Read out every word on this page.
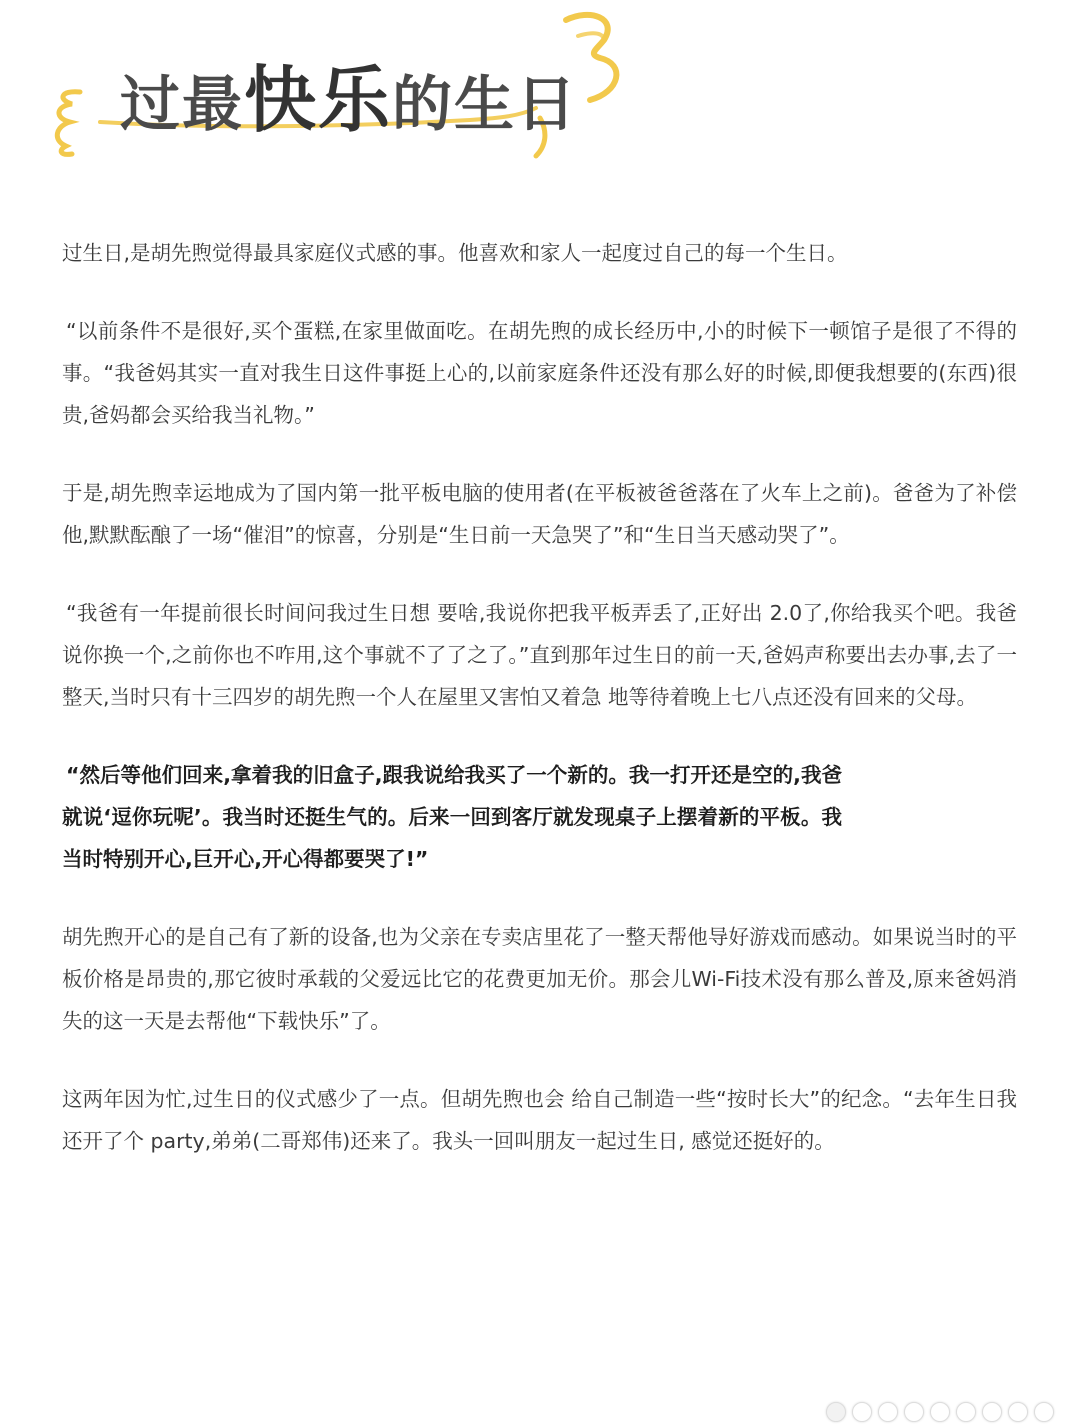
过最快乐的生日

过生日,是胡先煦觉得最具家庭仪式感的事。他喜欢和家人一起度过自己的每一个生日。

“以前条件不是很好,买个蛋糕,在家里做面吃。在胡先煦的成长经历中,小的时候下一顿馆子是很了不得的事。“我爸妈其实一直对我生日这件事挺上心的,以前家庭条件还没有那么好的时候,即便我想要的(东西)很贵,爸妈都会买给我当礼物。”

于是,胡先煦幸运地成为了国内第一批平板电脑的使用者(在平板被爸爸落在了火车上之前)。爸爸为了补偿他,默默酝酿了一场“催泪”的惊喜，分别是“生日前一天急哭了”和“生日当天感动哭了”。

“我爸有一年提前很长时间问我过生日想 要啥,我说你把我平板弄丢了,正好出 2.0了,你给我买个吧。我爸说你换一个,之前你也不咋用,这个事就不了了之了。”直到那年过生日的前一天,爸妈声称要出去办事,去了一整天,当时只有十三四岁的胡先煦一个人在屋里又害怕又着急 地等待着晚上七八点还没有回来的父母。

“然后等他们回来,拿着我的旧盒子,跟我说给我买了一个新的。我一打开还是空的,我爸就说‘逗你玩呢’。我当时还挺生气的。后来一回到客厅就发现桌子上摆着新的平板。我当时特别开心,巨开心,开心得都要哭了!”

胡先煦开心的是自己有了新的设备,也为父亲在专卖店里花了一整天帮他导好游戏而感动。如果说当时的平板价格是昂贵的,那它彼时承载的父爱远比它的花费更加无价。那会儿Wi-Fi技术没有那么普及,原来爸妈消失的这一天是去帮他“下载快乐”了。

这两年因为忙,过生日的仪式感少了一点。但胡先煦也会 给自己制造一些“按时长大”的纪念。“去年生日我还开了个 party,弟弟(二哥郑伟)还来了。我头一回叫朋友一起过生日, 感觉还挺好的。
